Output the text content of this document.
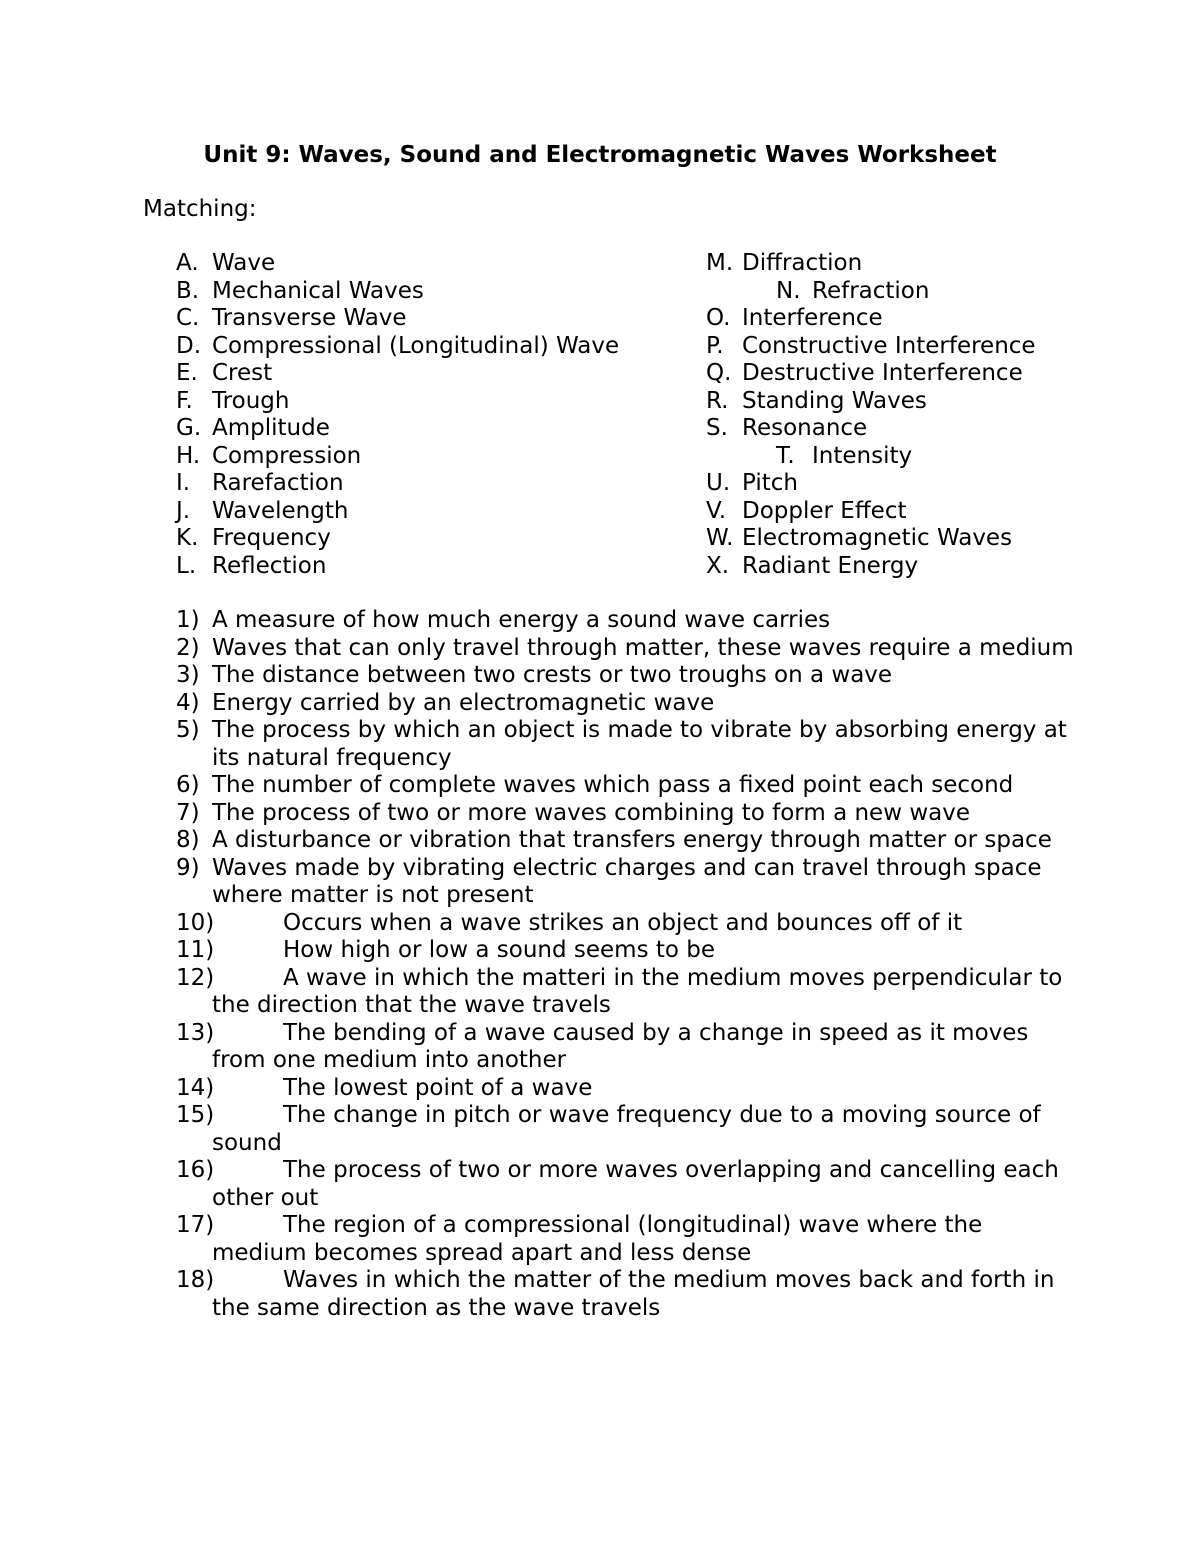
Unit 9: Waves, Sound and Electromagnetic Waves Worksheet
Matching:
A. Wave
B. Mechanical Waves
C. Transverse Wave
D. Compressional (Longitudinal) Wave
E. Crest
F. Trough
G. Amplitude
H. Compression
I. Rarefaction
J. Wavelength
K. Frequency
L. Reflection
M. Diffraction
N. Refraction
O. Interference
P. Constructive Interference
Q. Destructive Interference
R. Standing Waves
S. Resonance
T. Intensity
U. Pitch
V. Doppler Effect
W. Electromagnetic Waves
X. Radiant Energy
1) A measure of how much energy a sound wave carries
2) Waves that can only travel through matter, these waves require a medium
3) The distance between two crests or two troughs on a wave
4) Energy carried by an electromagnetic wave
5) The process by which an object is made to vibrate by absorbing energy at its natural frequency
6) The number of complete waves which pass a fixed point each second
7) The process of two or more waves combining to form a new wave
8) A disturbance or vibration that transfers energy through matter or space
9) Waves made by vibrating electric charges and can travel through space where matter is not present
10)	Occurs when a wave strikes an object and bounces off of it
11)	How high or low a sound seems to be
12)	A wave in which the matteri in the medium moves perpendicular to the direction that the wave travels
13)	The bending of a wave caused by a change in speed as it moves from one medium into another
14)	The lowest point of a wave
15)	The change in pitch or wave frequency due to a moving source of sound
16)	The process of two or more waves overlapping and cancelling each other out
17)	The region of a compressional (longitudinal) wave where the medium becomes spread apart and less dense
18)	Waves in which the matter of the medium moves back and forth in the same direction as the wave travels
